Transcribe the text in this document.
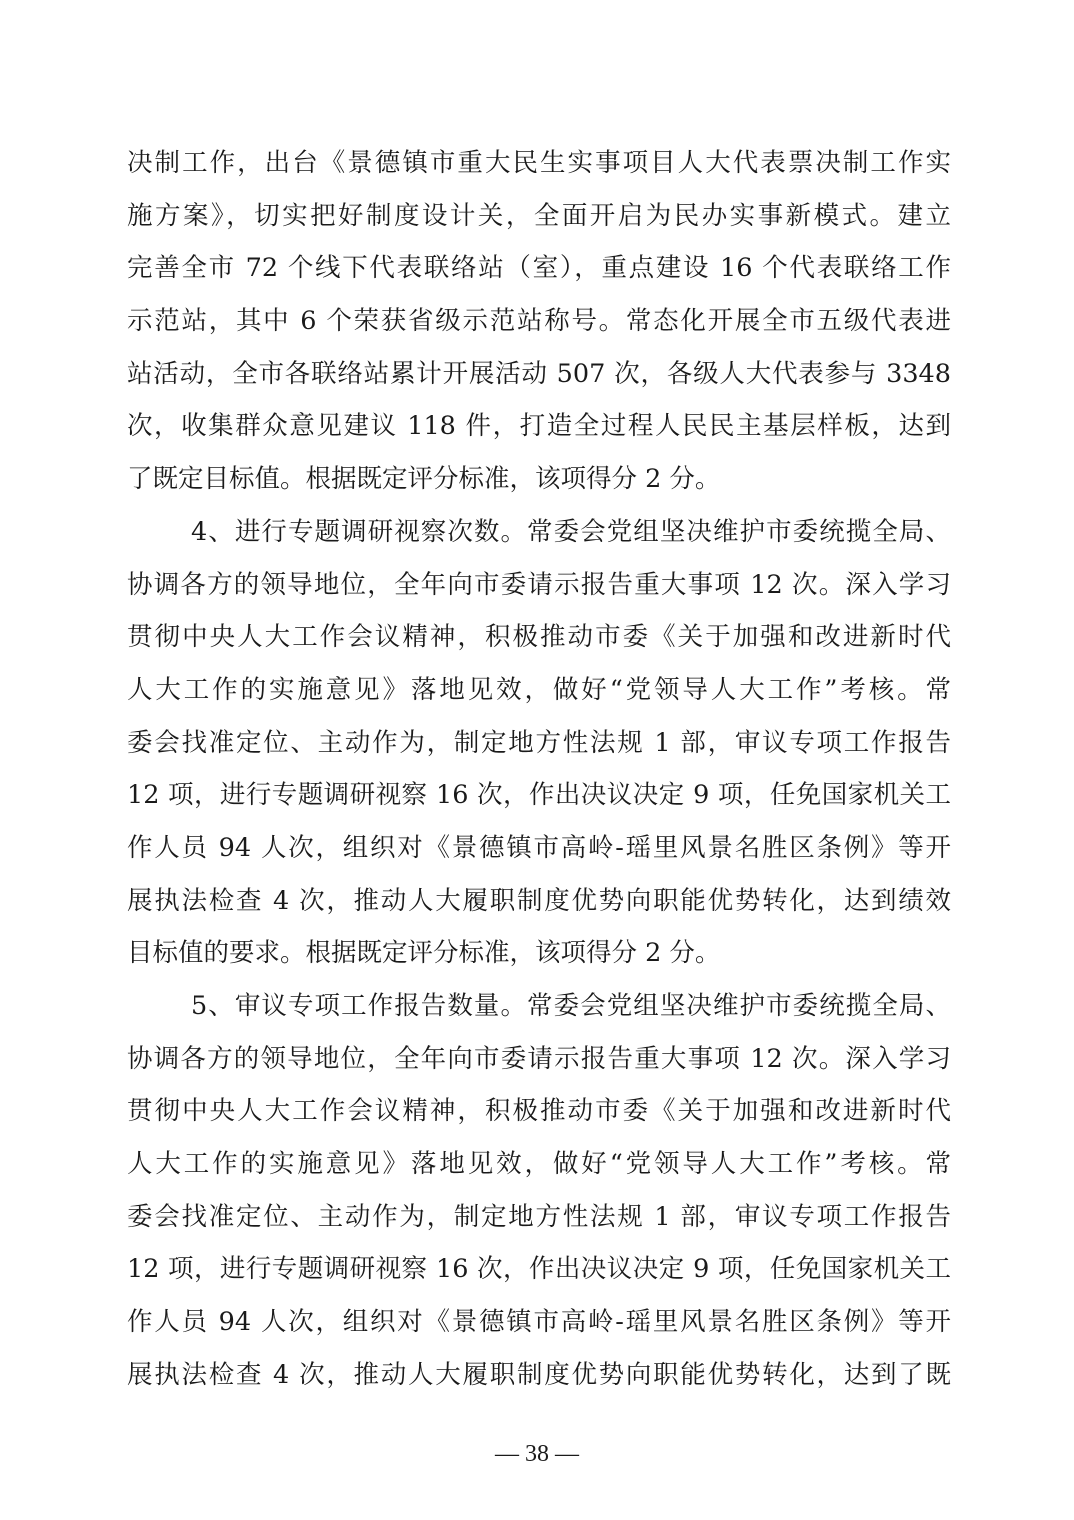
决制工作，出台《景德镇市重大民生实事项目人大代表票决制工作实
施方案》，切实把好制度设计关，全面开启为民办实事新模式。建立
完善全市 72 个线下代表联络站（室），重点建设 16 个代表联络工作
示范站，其中 6 个荣获省级示范站称号。常态化开展全市五级代表进
站活动，全市各联络站累计开展活动 507 次，各级人大代表参与 3348
次，收集群众意见建议 118 件，打造全过程人民民主基层样板，达到
了既定目标值。根据既定评分标准，该项得分 2 分。
4、进行专题调研视察次数。常委会党组坚决维护市委统揽全局、
协调各方的领导地位，全年向市委请示报告重大事项 12 次。深入学习
贯彻中央人大工作会议精神，积极推动市委《关于加强和改进新时代
人大工作的实施意见》落地见效，做好“党领导人大工作”考核。常
委会找准定位、主动作为，制定地方性法规 1 部，审议专项工作报告
12 项，进行专题调研视察 16 次，作出决议决定 9 项，任免国家机关工
作人员 94 人次，组织对《景德镇市高岭-瑶里风景名胜区条例》等开
展执法检查 4 次，推动人大履职制度优势向职能优势转化，达到绩效
目标值的要求。根据既定评分标准，该项得分 2 分。
5、审议专项工作报告数量。常委会党组坚决维护市委统揽全局、
协调各方的领导地位，全年向市委请示报告重大事项 12 次。深入学习
贯彻中央人大工作会议精神，积极推动市委《关于加强和改进新时代
人大工作的实施意见》落地见效，做好“党领导人大工作”考核。常
委会找准定位、主动作为，制定地方性法规 1 部，审议专项工作报告
12 项，进行专题调研视察 16 次，作出决议决定 9 项，任免国家机关工
作人员 94 人次，组织对《景德镇市高岭-瑶里风景名胜区条例》等开
展执法检查 4 次，推动人大履职制度优势向职能优势转化，达到了既
— 38 —
